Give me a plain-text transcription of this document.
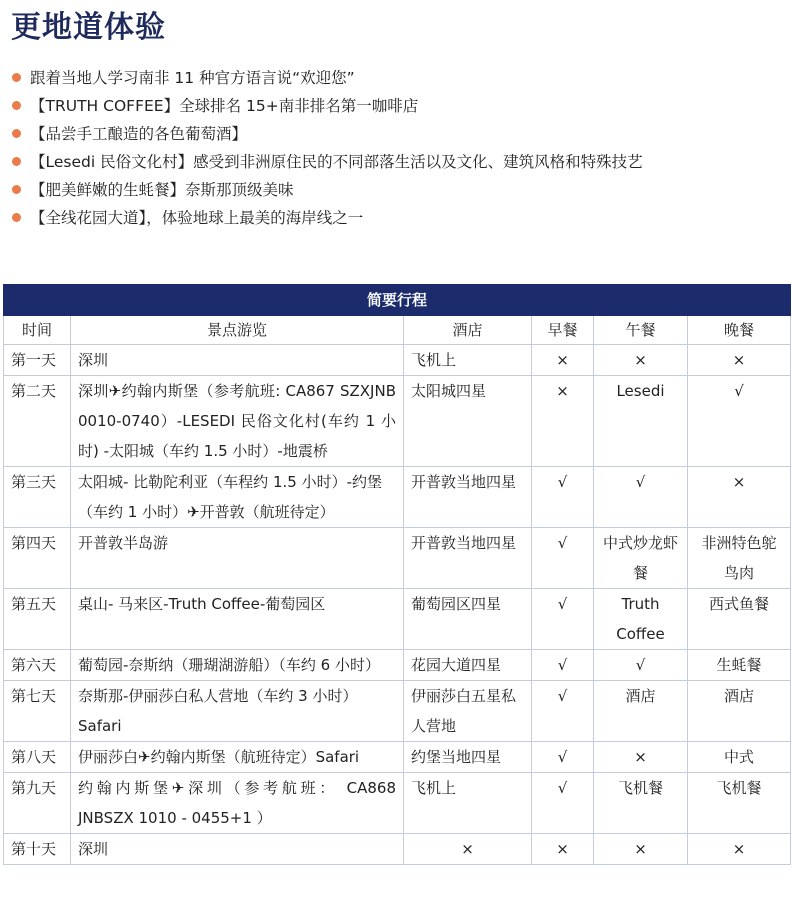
更地道体验
跟着当地人学习南非 11 种官方语言说“欢迎您”
【TRUTH COFFEE】全球排名 15+南非排名第一咖啡店
【品尝手工酿造的各色葡萄酒】
【Lesedi 民俗文化村】感受到非洲原住民的不同部落生活以及文化、建筑风格和特殊技艺
【肥美鲜嫩的生蚝餐】奈斯那顶级美味
【全线花园大道】，体验地球上最美的海岸线之一
简要行程					
时间	景点游览	酒店	早餐	午餐	晚餐
第一天	深圳	飞机上	×	×	×
第二天	深圳✈约翰内斯堡（参考航班: CA867 SZXJNB 0010-0740）-LESEDI 民俗文化村(车约 1 小时) -太阳城（车约 1.5 小时）-地震桥	太阳城四星	×	Lesedi	√
第三天	太阳城- 比勒陀利亚（车程约 1.5 小时）-约堡（车约 1 小时）✈开普敦（航班待定）	开普敦当地四星	√	√	×
第四天	开普敦半岛游	开普敦当地四星	√	中式炒龙虾餐	非洲特色鸵鸟肉
第五天	桌山- 马来区-Truth Coffee-葡萄园区	葡萄园区四星	√	Truth Coffee	西式鱼餐
第六天	葡萄园-奈斯纳（珊瑚湖游船）（车约 6 小时）	花园大道四星	√	√	生蚝餐
第七天	奈斯那-伊丽莎白私人营地（车约 3 小时）Safari	伊丽莎白五星私人营地	√	酒店	酒店
第八天	伊丽莎白✈约翰内斯堡（航班待定）Safari	约堡当地四星	√	×	中式
第九天	约翰内斯堡✈深圳（参考航班： CA868 JNBSZX 1010 - 0455+1 ）	飞机上	√	飞机餐	飞机餐
第十天	深圳	×	×	×	×
